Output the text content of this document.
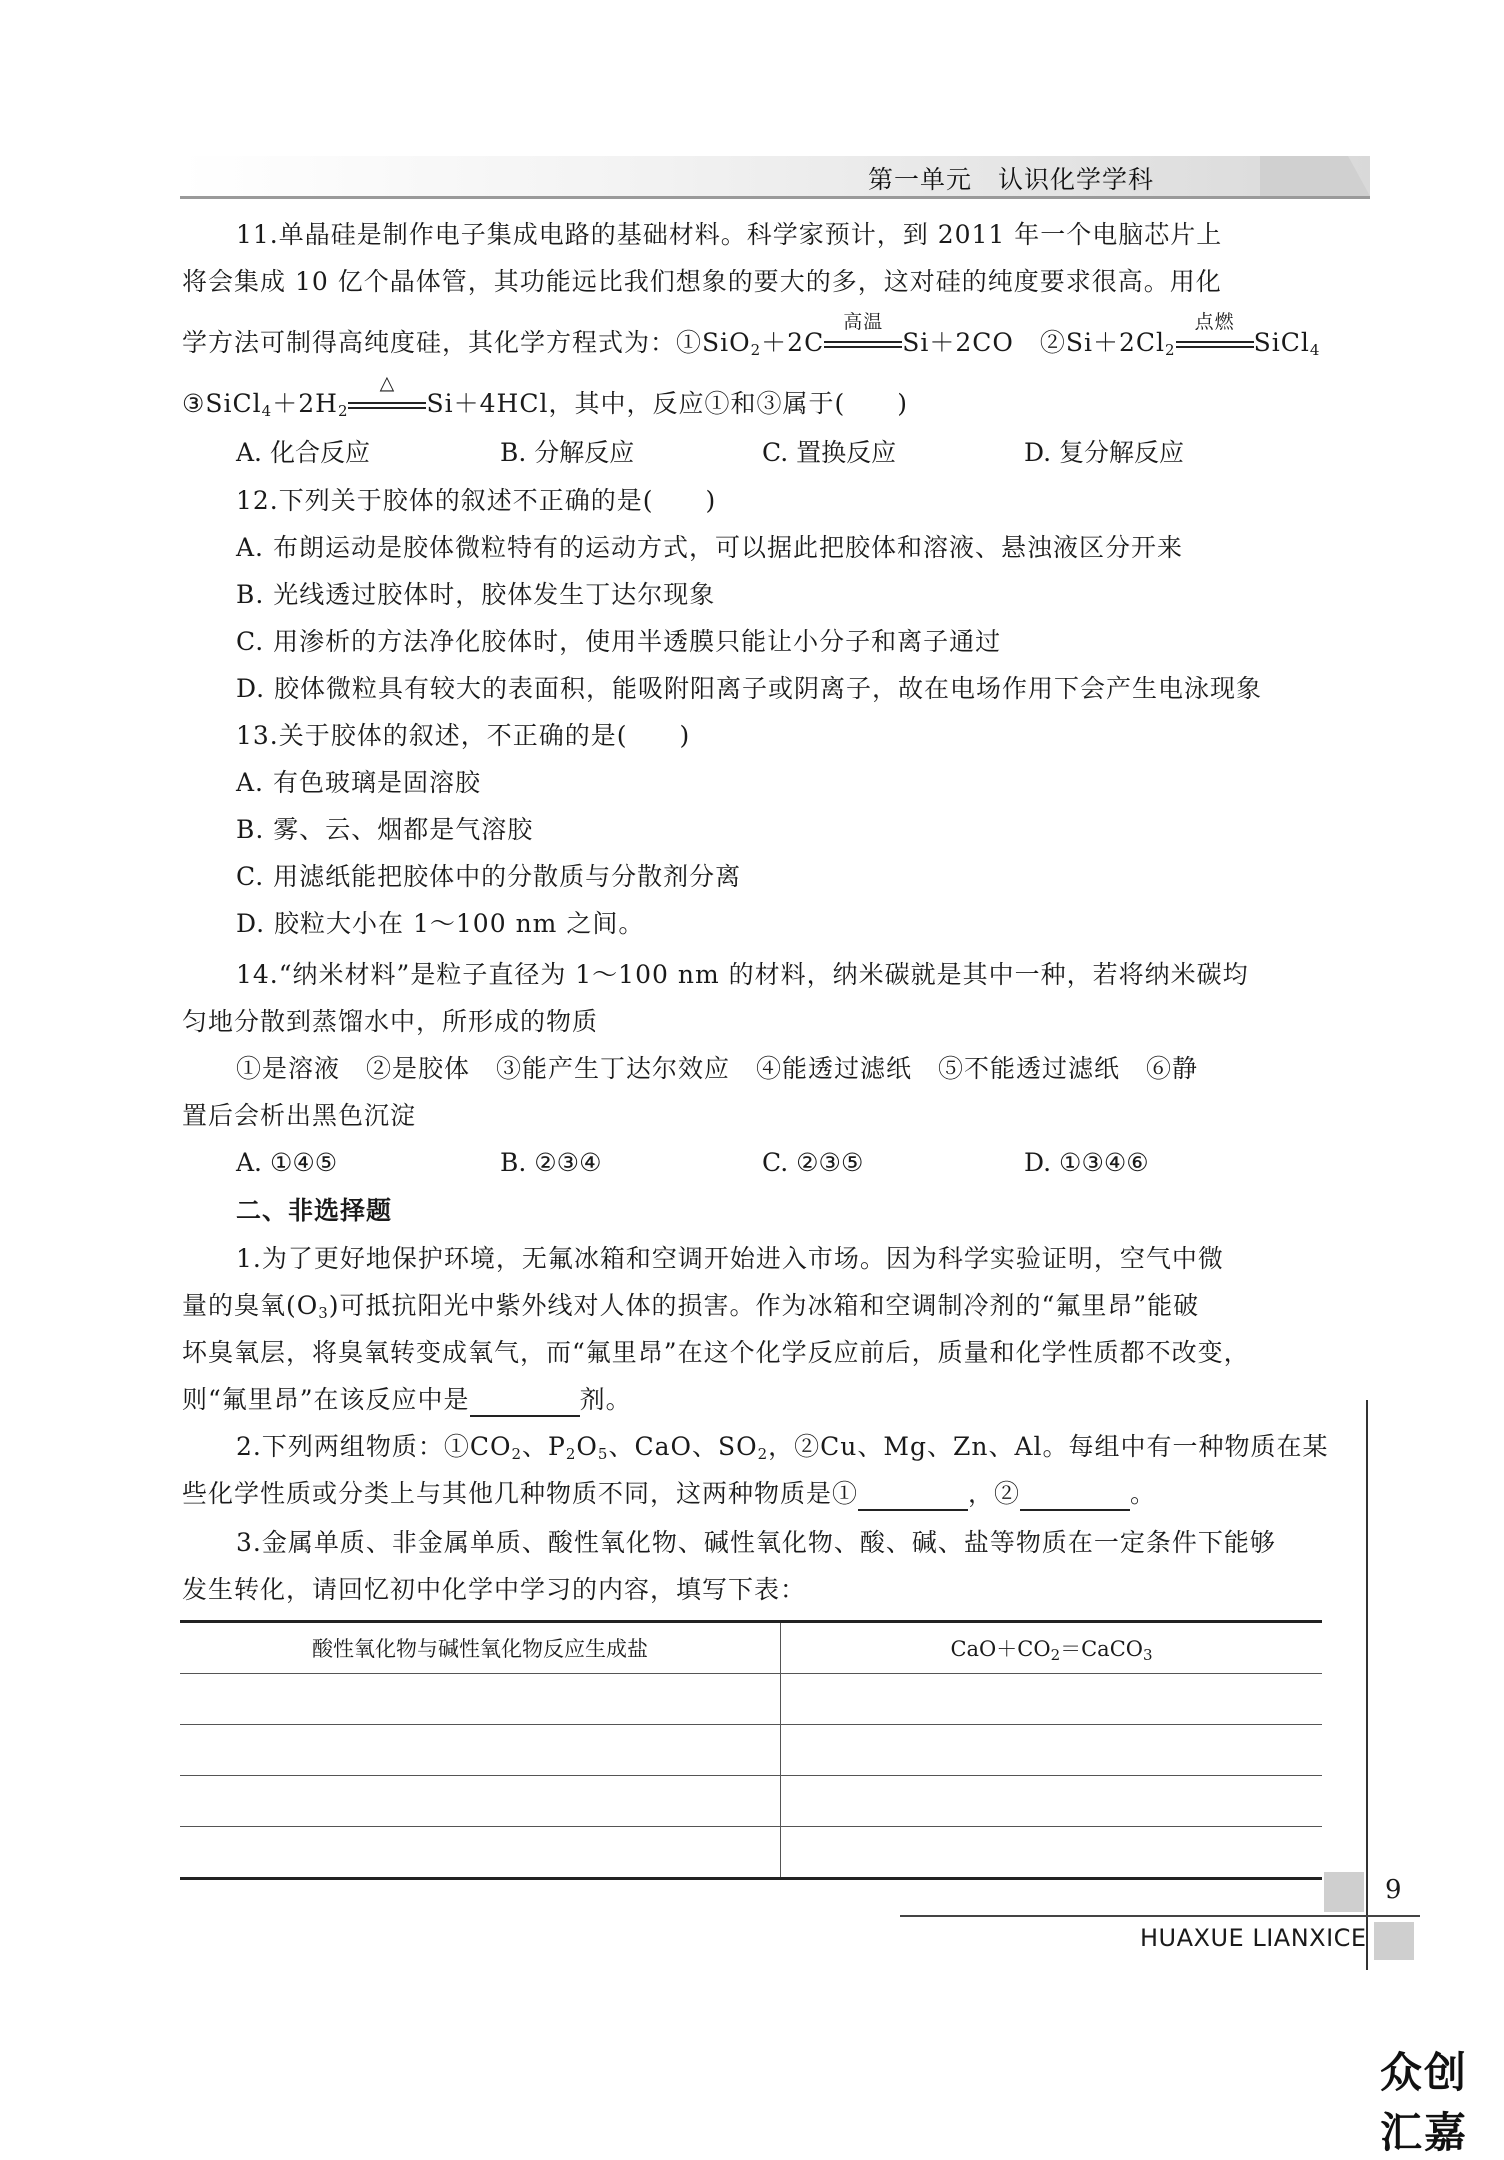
第一单元　认识化学学科
11.单晶硅是制作电子集成电路的基础材料。科学家预计，到 2011 年一个电脑芯片上
将会集成 10 亿个晶体管，其功能远比我们想象的要大的多，这对硅的纯度要求很高。用化
学方法可制得高纯度硅，其化学方程式为：①SiO$_2$＋2C
高温
Si＋2CO　$②Si+2Cl_2$
点燃
SiCl$_4$
$③SiCl_4+2H_2$
△
Si＋4HCl，其中，反应①和③属于(　　)
A. 化合反应	B. 分解反应	C. 置换反应	D. 复分解反应
12.下列关于胶体的叙述不正确的是(　　)
A. 布朗运动是胶体微粒特有的运动方式，可以据此把胶体和溶液、悬浊液区分开来
B. 光线透过胶体时，胶体发生丁达尔现象
C. 用渗析的方法净化胶体时，使用半透膜只能让小分子和离子通过
D. 胶体微粒具有较大的表面积，能吸附阳离子或阴离子，故在电场作用下会产生电泳现象
13.关于胶体的叙述，不正确的是(　　)
A. 有色玻璃是固溶胶
B. 雾、云、烟都是气溶胶
C. 用滤纸能把胶体中的分散质与分散剂分离
D. 胶粒大小在 1～100 nm 之间。
14.“纳米材料”是粒子直径为 1～100 nm 的材料，纳米碳就是其中一种，若将纳米碳均
匀地分散到蒸馏水中，所形成的物质
①是溶液　②是胶体　③能产生丁达尔效应　④能透过滤纸　⑤不能透过滤纸　⑥静
置后会析出黑色沉淀
A. ①④⑤	B. ②③④	C. ②③⑤	D. ①③④⑥
二、非选择题
1.为了更好地保护环境，无氟冰箱和空调开始进入市场。因为科学实验证明，空气中微
量的臭氧$(O_3)$可抵抗阳光中紫外线对人体的损害。作为冰箱和空调制冷剂的“氟里昂”能破
坏臭氧层，将臭氧转变成氧气，而“氟里昂”在这个化学反应前后，质量和化学性质都不改变，
则“氟里昂”在该反应中是	剂。
2.下列两组物质：$①CO_2$、$P_2O_5$、CaO、$SO_2$，②Cu、Mg、Zn、Al。每组中有一种物质在某
些化学性质或分类上与其他几种物质不同，这两种物质是①	，②	。
3.金属单质、非金属单质、酸性氧化物、碱性氧化物、酸、碱、盐等物质在一定条件下能够
发生转化，请回忆初中化学中学习的内容，填写下表：
酸性氧化物与碱性氧化物反应生成盐	$CaO+CO_2=CaCO_3$

9
HUAXUE LIANXICE
众创汇嘉
